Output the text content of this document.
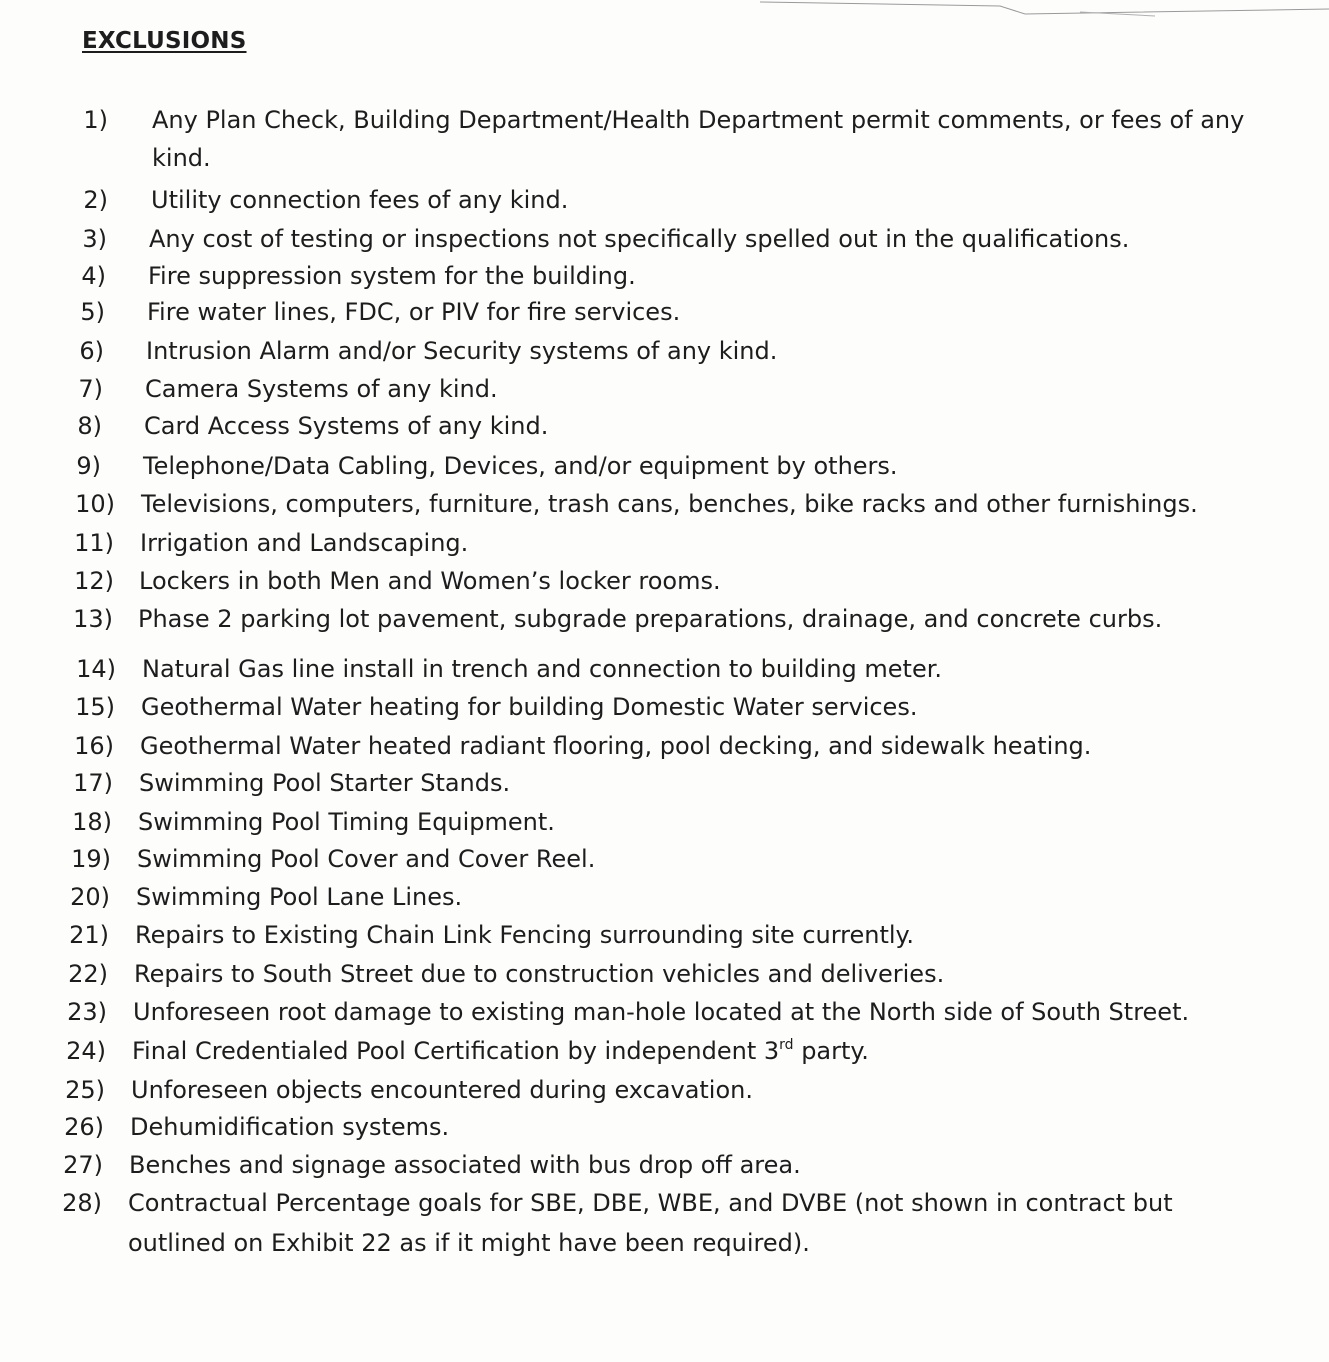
EXCLUSIONS
1) Any Plan Check, Building Department/Health Department permit comments, or fees of any
kind.
2) Utility connection fees of any kind.
3) Any cost of testing or inspections not specifically spelled out in the qualifications.
4) Fire suppression system for the building.
5) Fire water lines, FDC, or PIV for fire services.
6) Intrusion Alarm and/or Security systems of any kind.
7) Camera Systems of any kind.
8) Card Access Systems of any kind.
9) Telephone/Data Cabling, Devices, and/or equipment by others.
10) Televisions, computers, furniture, trash cans, benches, bike racks and other furnishings.
11) Irrigation and Landscaping.
12) Lockers in both Men and Women’s locker rooms.
13) Phase 2 parking lot pavement, subgrade preparations, drainage, and concrete curbs.
14) Natural Gas line install in trench and connection to building meter.
15) Geothermal Water heating for building Domestic Water services.
16) Geothermal Water heated radiant flooring, pool decking, and sidewalk heating.
17) Swimming Pool Starter Stands.
18) Swimming Pool Timing Equipment.
19) Swimming Pool Cover and Cover Reel.
20) Swimming Pool Lane Lines.
21) Repairs to Existing Chain Link Fencing surrounding site currently.
22) Repairs to South Street due to construction vehicles and deliveries.
23) Unforeseen root damage to existing man-hole located at the North side of South Street.
24) Final Credentialed Pool Certification by independent 3rd party.
25) Unforeseen objects encountered during excavation.
26) Dehumidification systems.
27) Benches and signage associated with bus drop off area.
28) Contractual Percentage goals for SBE, DBE, WBE, and DVBE (not shown in contract but
outlined on Exhibit 22 as if it might have been required).
